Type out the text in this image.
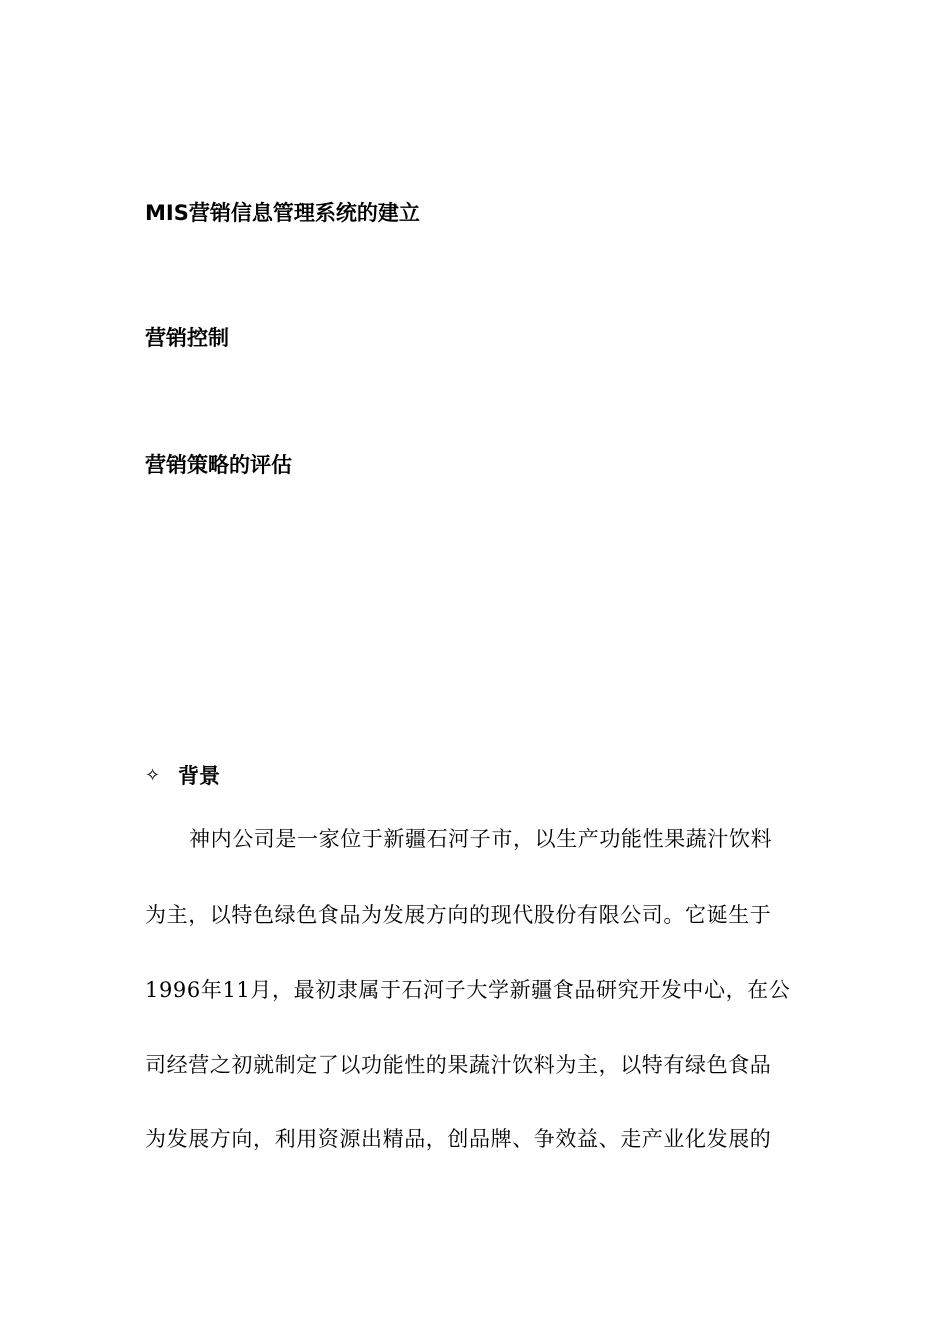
MIS营销信息管理系统的建立
营销控制
营销策略的评估
✧ 背景

神内公司是一家位于新疆石河子市，以生产功能性果蔬汁饮料

为主，以特色绿色食品为发展方向的现代股份有限公司。它诞生于

1996年11月，最初隶属于石河子大学新疆食品研究开发中心，在公

司经营之初就制定了以功能性的果蔬汁饮料为主，以特有绿色食品

为发展方向，利用资源出精品，创品牌、争效益、走产业化发展的
